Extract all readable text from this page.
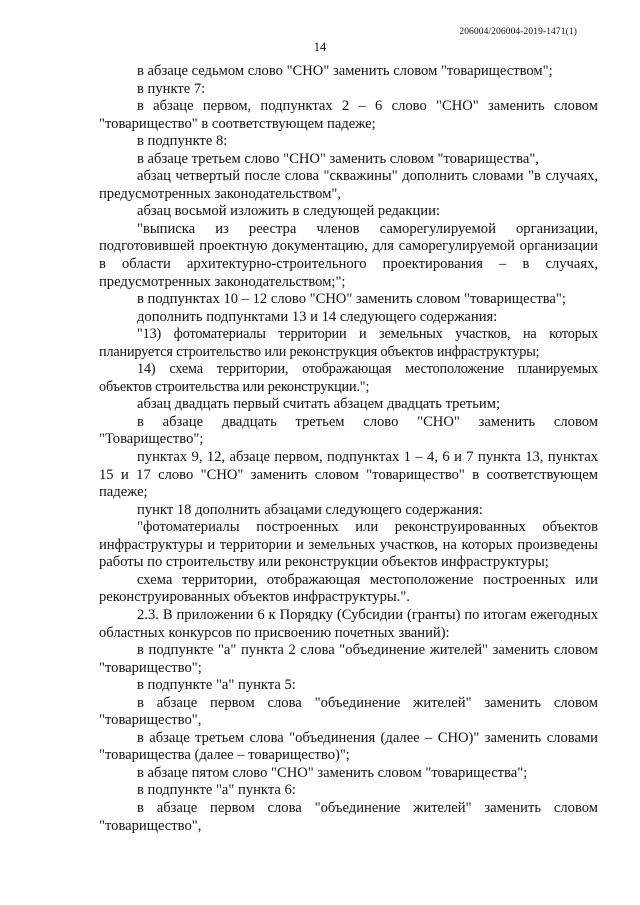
206004/206004-2019-1471(1)
14

в абзаце седьмом слово "СНО" заменить словом "товариществом";

в пункте 7:

в абзаце первом, подпунктах 2 – 6 слово "СНО" заменить словом "товарищество" в соответствующем падеже;

в подпункте 8:

в абзаце третьем слово "СНО" заменить словом "товарищества",

абзац четвертый после слова "скважины" дополнить словами "в случаях, предусмотренных законодательством",

абзац восьмой изложить в следующей редакции:

"выписка из реестра членов саморегулируемой организации, подготовившей проектную документацию, для саморегулируемой организации в области архитектурно-строительного проектирования – в случаях, предусмотренных законодательством;";

в подпунктах 10 – 12 слово "СНО" заменить словом "товарищества";

дополнить подпунктами 13 и 14 следующего содержания:

"13) фотоматериалы территории и земельных участков, на которых планируется строительство или реконструкция объектов инфраструктуры;

14) схема территории, отображающая местоположение планируемых объектов строительства или реконструкции.";

абзац двадцать первый считать абзацем двадцать третьим;

в абзаце двадцать третьем слово "СНО" заменить словом "Товарищество";

пунктах 9, 12, абзаце первом, подпунктах 1 – 4, 6 и 7 пункта 13, пунктах 15 и 17 слово "СНО" заменить словом "товарищество" в соответствующем падеже;

пункт 18 дополнить абзацами следующего содержания:

"фотоматериалы построенных или реконструированных объектов инфраструктуры и территории и земельных участков, на которых произведены работы по строительству или реконструкции объектов инфраструктуры;

схема территории, отображающая местоположение построенных или реконструированных объектов инфраструктуры.".

2.3. В приложении 6 к Порядку (Субсидии (гранты) по итогам ежегодных областных конкурсов по присвоению почетных званий):

в подпункте "а" пункта 2 слова "объединение жителей" заменить словом "товарищество";

в подпункте "а" пункта 5:

в абзаце первом слова "объединение жителей" заменить словом "товарищество",

в абзаце третьем слова "объединения (далее – СНО)" заменить словами "товарищества (далее – товарищество)";

в абзаце пятом слово "СНО" заменить словом "товарищества";

в подпункте "а" пункта 6:

в абзаце первом слова "объединение жителей" заменить словом "товарищество",
